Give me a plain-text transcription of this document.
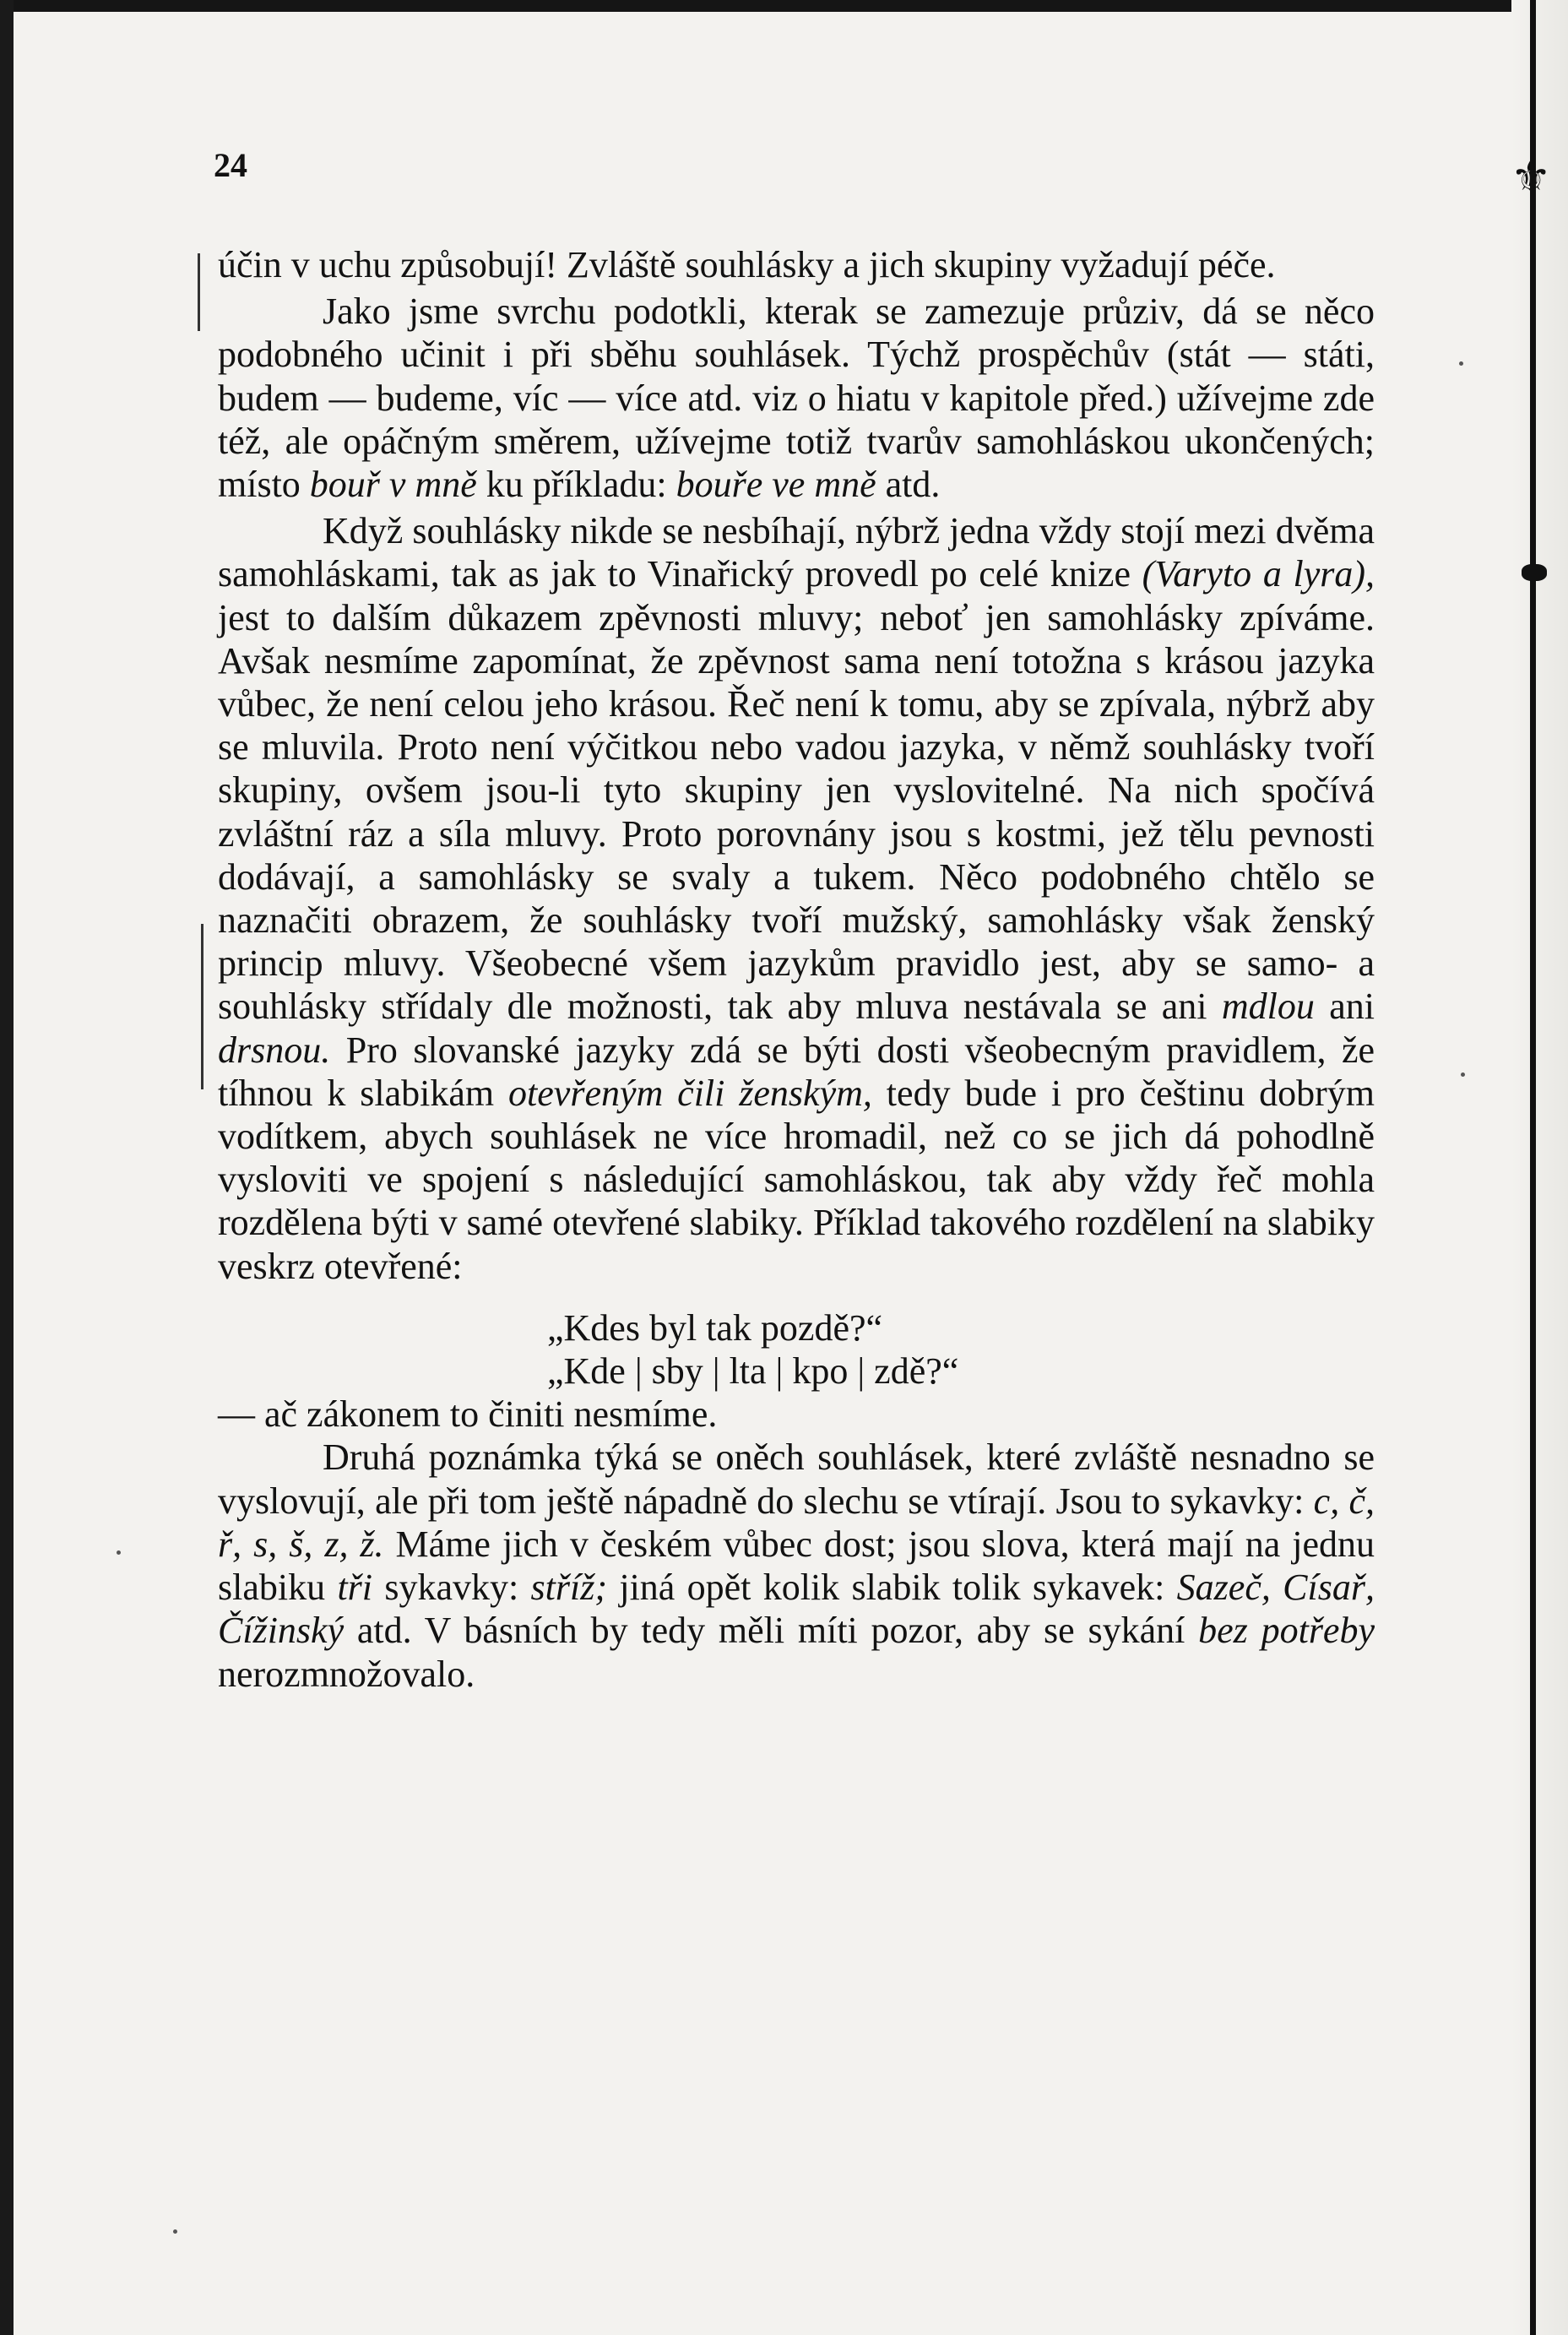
⚜
24

účin v uchu způsobují! Zvláště souhlásky a jich skupiny vyžadují péče.

Jako jsme svrchu podotkli, kterak se zamezuje průziv, dá se něco podobného učinit i při sběhu souhlásek. Týchž prospěchův (stát — státi, budem — budeme, víc — více atd. viz o hiatu v kapitole před.) užívejme zde též, ale opáčným směrem, užívejme totiž tvarův samohláskou ukončených; místo bouř v mně ku příkladu: bouře ve mně atd.

Když souhlásky nikde se nesbíhají, nýbrž jedna vždy stojí mezi dvěma samohláskami, tak as jak to Vinařický provedl po celé knize (Varyto a lyra), jest to dalším důkazem zpěvnosti mluvy; neboť jen samohlásky zpíváme. Avšak nesmíme zapomínat, že zpěvnost sama není totožna s krásou jazyka vůbec, že není celou jeho krásou. Řeč není k tomu, aby se zpívala, nýbrž aby se mluvila. Proto není výčitkou nebo vadou jazyka, v němž souhlásky tvoří skupiny, ovšem jsou-li tyto skupiny jen vyslovitelné. Na nich spočívá zvláštní ráz a síla mluvy. Proto porovnány jsou s kostmi, jež tělu pevnosti dodávají, a samohlásky se svaly a tukem. Něco podobného chtělo se naznačiti obrazem, že souhlásky tvoří mužský, samohlásky však ženský princip mluvy. Všeobecné všem jazykům pravidlo jest, aby se samo- a souhlásky střídaly dle možnosti, tak aby mluva nestávala se ani mdlou ani drsnou. Pro slovanské jazyky zdá se býti dosti všeobecným pravidlem, že tíhnou k slabikám otevřeným čili ženským, tedy bude i pro češtinu dobrým vodítkem, abych souhlásek ne více hromadil, než co se jich dá pohodlně vysloviti ve spojení s následující samohláskou, tak aby vždy řeč mohla rozdělena býti v samé otevřené slabiky. Příklad takového rozdělení na slabiky veskrz otevřené:

„Kdes byl tak pozdě?“
„Kde | sby | lta | kpo | zdě?“

— ač zákonem to činiti nesmíme.

Druhá poznámka týká se oněch souhlásek, které zvláště nesnadno se vyslovují, ale při tom ještě nápadně do slechu se vtírají. Jsou to sykavky: c, č, ř, s, š, z, ž. Máme jich v českém vůbec dost; jsou slova, která mají na jednu slabiku tři sykavky: stříž; jiná opět kolik slabik tolik sykavek: Sazeč, Císař, Čížinský atd. V básních by tedy měli míti pozor, aby se sykání bez potřeby nerozmnožovalo.
